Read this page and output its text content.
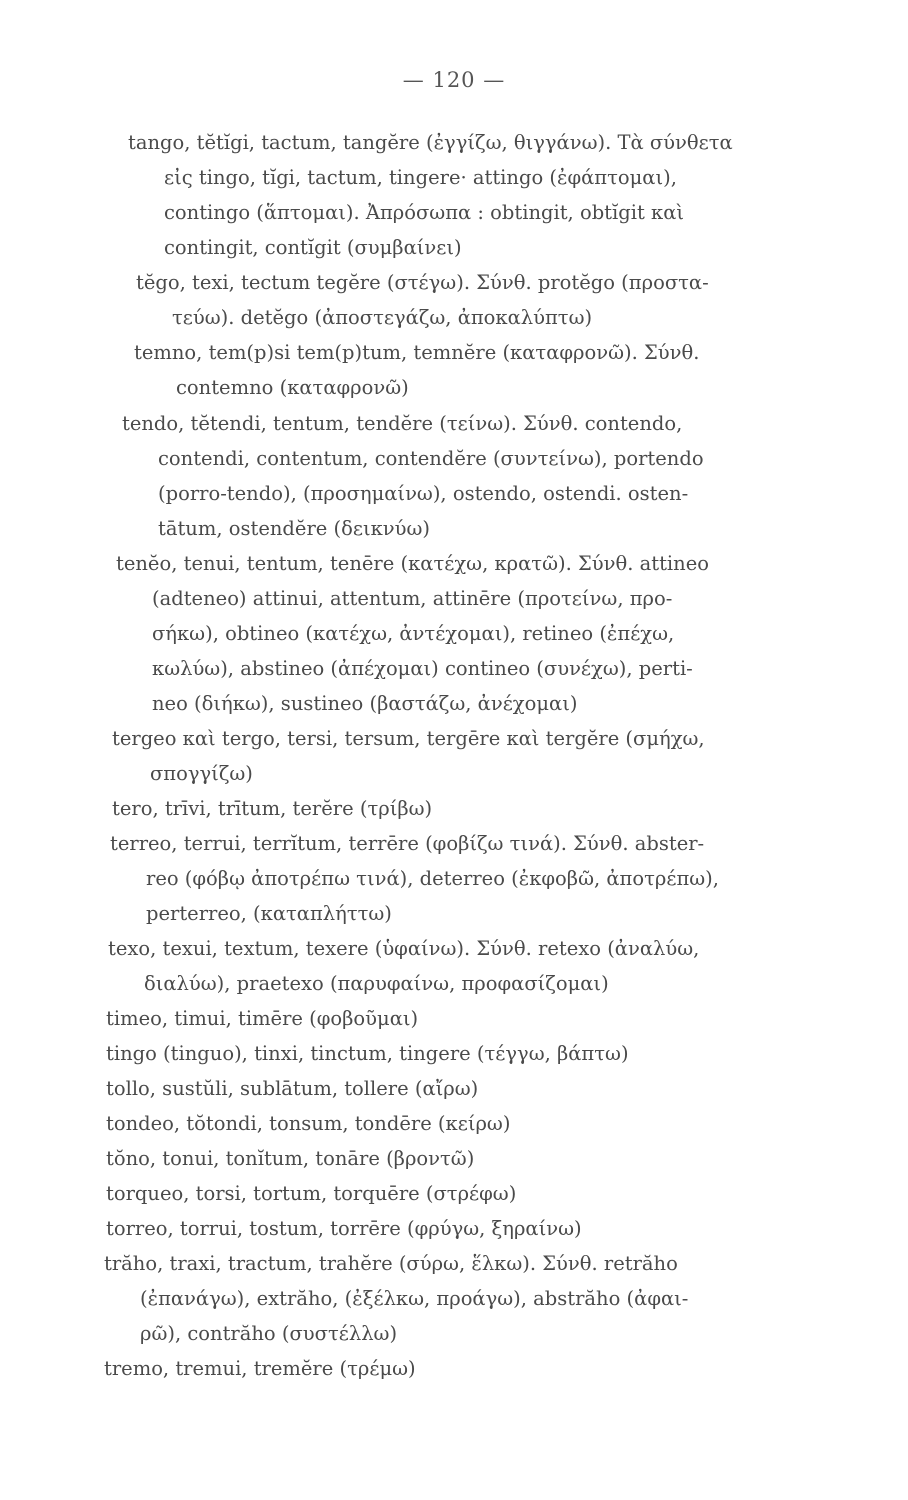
— 120 —
tango, tĕtĭgi, tactum, tangĕre (ἐγγίζω, θιγγάνω). Τὰ σύνθετα
εἰς tingo, tĭgi, tactum, tingere· attingo (ἐφάπτομαι),
contingo (ἅπτομαι). Ἀπρόσωπα : obtingit, obtĭgit καὶ
contingit, contĭgit (συμβαίνει)
tĕgo, texi, tectum tegĕre (στέγω). Σύνθ. protĕgo (προστα-
τεύω). detĕgo (ἀποστεγάζω, ἀποκαλύπτω)
temno, tem(p)si tem(p)tum, temnĕre (καταφρονῶ). Σύνθ.
contemno (καταφρονῶ)
tendo, tĕtendi, tentum, tendĕre (τείνω). Σύνθ. contendo,
contendi, contentum, contendĕre (συντείνω), portendo
(porro-tendo), (προσημαίνω), ostendo, ostendi. osten-
tātum, ostendĕre (δεικνύω)
tenĕo, tenui, tentum, tenēre (κατέχω, κρατῶ). Σύνθ. attineo
(adteneo) attinui, attentum, attinēre (προτείνω, προ-
σήκω), obtineo (κατέχω, ἀντέχομαι), retineo (ἐπέχω,
κωλύω), abstineo (ἀπέχομαι) contineo (συνέχω), perti-
neo (διήκω), sustineo (βαστάζω, ἀνέχομαι)
tergeo καὶ tergo, tersi, tersum, tergēre καὶ tergĕre (σμήχω,
σπογγίζω)
tero, trīvi, trītum, terĕre (τρίβω)
terreo, terrui, terrĭtum, terrēre (φοβίζω τινά). Σύνθ. abster-
reo (φόβῳ ἀποτρέπω τινά), deterreo (ἐκφοβῶ, ἀποτρέπω),
perterreo, (καταπλήττω)
texo, texui, textum, texere (ὑφαίνω). Σύνθ. retexo (ἀναλύω,
διαλύω), praetexo (παρυφαίνω, προφασίζομαι)
timeo, timui, timēre (φοβοῦμαι)
tingo (tinguo), tinxi, tinctum, tingere (τέγγω, βάπτω)
tollo, sustŭli, sublātum, tollere (αἴρω)
tondeo, tŏtondi, tonsum, tondēre (κείρω)
tŏno, tonui, tonĭtum, tonāre (βροντῶ)
torqueo, torsi, tortum, torquēre (στρέφω)
torreo, torrui, tostum, torrēre (φρύγω, ξηραίνω)
trăho, traxi, tractum, trahĕre (σύρω, ἕλκω). Σύνθ. retrăho
(ἐπανάγω), extrăho, (ἐξέλκω, προάγω), abstrăho (ἀφαι-
ρῶ), contrăho (συστέλλω)
tremo, tremui, tremĕre (τρέμω)
